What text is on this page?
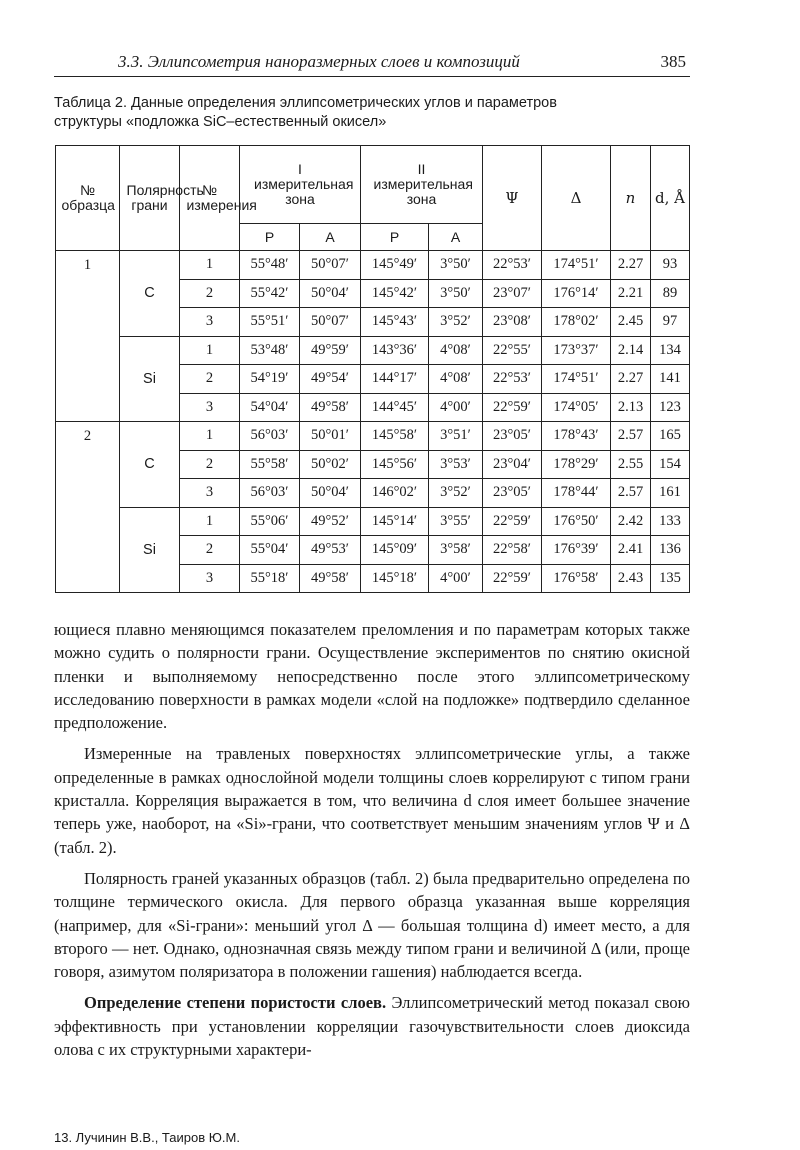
3.3. Эллипсометрия наноразмерных слоев и композиций	385
Таблица 2. Данные определения эллипсометрических углов и параметров
структуры «подложка SiC–естественный окисел»
№ образца	Полярность грани	№ измерения	I измерительная зона		II измерительная зона		Ψ	Δ	n	d, Å
			P	A	P	A				
1	C	1	55°48′	50°07′	145°49′	3°50′	22°53′	174°51′	2.27	93
		2	55°42′	50°04′	145°42′	3°50′	23°07′	176°14′	2.21	89
		3	55°51′	50°07′	145°43′	3°52′	23°08′	178°02′	2.45	97
	Si	1	53°48′	49°59′	143°36′	4°08′	22°55′	173°37′	2.14	134
		2	54°19′	49°54′	144°17′	4°08′	22°53′	174°51′	2.27	141
		3	54°04′	49°58′	144°45′	4°00′	22°59′	174°05′	2.13	123
2	C	1	56°03′	50°01′	145°58′	3°51′	23°05′	178°43′	2.57	165
		2	55°58′	50°02′	145°56′	3°53′	23°04′	178°29′	2.55	154
		3	56°03′	50°04′	146°02′	3°52′	23°05′	178°44′	2.57	161
	Si	1	55°06′	49°52′	145°14′	3°55′	22°59′	176°50′	2.42	133
		2	55°04′	49°53′	145°09′	3°58′	22°58′	176°39′	2.41	136
		3	55°18′	49°58′	145°18′	4°00′	22°59′	176°58′	2.43	135

ющиеся плавно меняющимся показателем преломления и по параметрам которых также можно судить о полярности грани. Осуществление экспериментов по снятию окисной пленки и выполняемому непосредственно после этого эллипсометрическому исследованию поверхности в рамках модели «слой на подложке» подтвердило сделанное предположение.

Измеренные на травленых поверхностях эллипсометрические углы, а также определенные в рамках однослойной модели толщины слоев коррелируют с типом грани кристалла. Корреляция выражается в том, что величина d слоя имеет большее значение теперь уже, наоборот, на «Si»-грани, что соответствует меньшим значениям углов Ψ и Δ (табл. 2).

Полярность граней указанных образцов (табл. 2) была предварительно определена по толщине термического окисла. Для первого образца указанная выше корреляция (например, для «Si-грани»: меньший угол Δ — большая толщина d) имеет место, а для второго — нет. Однако, однозначная связь между типом грани и величиной Δ (или, проще говоря, азимутом поляризатора в положении гашения) наблюдается всегда.

Определение степени пористости слоев. Эллипсометрический метод показал свою эффективность при установлении корреляции газочувствительности слоев диоксида олова с их структурными характери-

13. Лучинин В.В., Таиров Ю.М.
